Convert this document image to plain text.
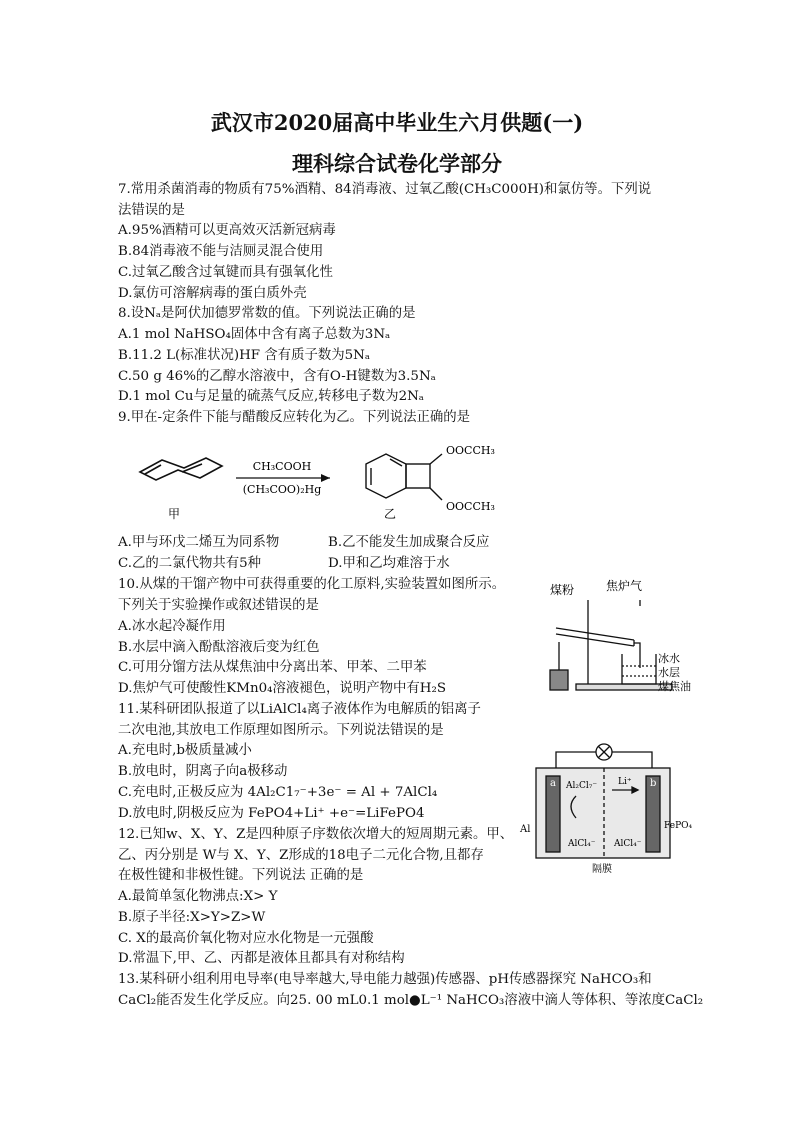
武汉市2020届高中毕业生六月供题(一)
理科综合试卷化学部分
7.常用杀菌消毒的物质有75%酒精、84消毒液、过氧乙酸(CH₃C000H)和氯仿等。下列说
法错误的是
A.95%酒精可以更高效灭活新冠病毒
B.84消毒液不能与洁厕灵混合使用
C.过氧乙酸含过氧键而具有强氧化性
D.氯仿可溶解病毒的蛋白质外壳
8.设Nₐ是阿伏加德罗常数的值。下列说法正确的是
A.1 mol NaHSO₄固体中含有离子总数为3Nₐ
B.11.2 L(标准状况)HF 含有质子数为5Nₐ
C.50 g 46%的乙醇水溶液中，含有O-H键数为3.5Nₐ
D.1 mol Cu与足量的硫蒸气反应,转移电子数为2Nₐ
9.甲在-定条件下能与醋酸反应转化为乙。下列说法正确的是
甲
CH₃COOH
(CH₃COO)₂Hg
OOCCH₃
OOCCH₃
乙
A.甲与环戊二烯互为同系物	B.乙不能发生加成聚合反应
C.乙的二氯代物共有5种	D.甲和乙均难溶于水
10.从煤的干馏产物中可获得重要的化工原料,实验装置如图所示。
下列关于实验操作或叙述错误的是
A.冰水起冷凝作用
B.水层中滴入酚酞溶液后变为红色
C.可用分馏方法从煤焦油中分离出苯、甲苯、二甲苯
D.焦炉气可使酸性KMn0₄溶液褪色，说明产物中有H₂S
煤粉	焦炉气
冰水
水层
煤焦油
11.某科研团队报道了以LiAlCl₄离子液体作为电解质的铝离子
二次电池,其放电工作原理如图所示。下列说法错误的是
A.充电时,b极质量减小
B.放电时，阴离子向a极移动
C.充电时,正极反应为 4Al₂C1₇⁻+3e⁻ = Al + 7AlCl₄
D.放电时,阴极反应为 FePO4+Li⁺ +e⁻=LiFePO4
a	b
Al	FePO₄
Al₂Cl₇⁻
AlCl₄⁻
Li⁺
AlCl₄⁻
隔膜
12.已知w、X、Y、Z是四种原子序数依次增大的短周期元素。甲、
乙、丙分别是 W与 X、Y、Z形成的18电子二元化合物,且都存
在极性键和非极性键。下列说法 正确的是
A.最简单氢化物沸点:X> Y
B.原子半径:X>Y>Z>W
C. X的最高价氧化物对应水化物是一元强酸
D.常温下,甲、乙、丙都是液体且都具有对称结构
13.某科研小组利用电导率(电导率越大,导电能力越强)传感器、pH传感器探究 NaHCO₃和
CaCl₂能否发生化学反应。向25. 00 mL0.1 mol●L⁻¹ NaHCO₃溶液中滴人等体积、等浓度CaCl₂
